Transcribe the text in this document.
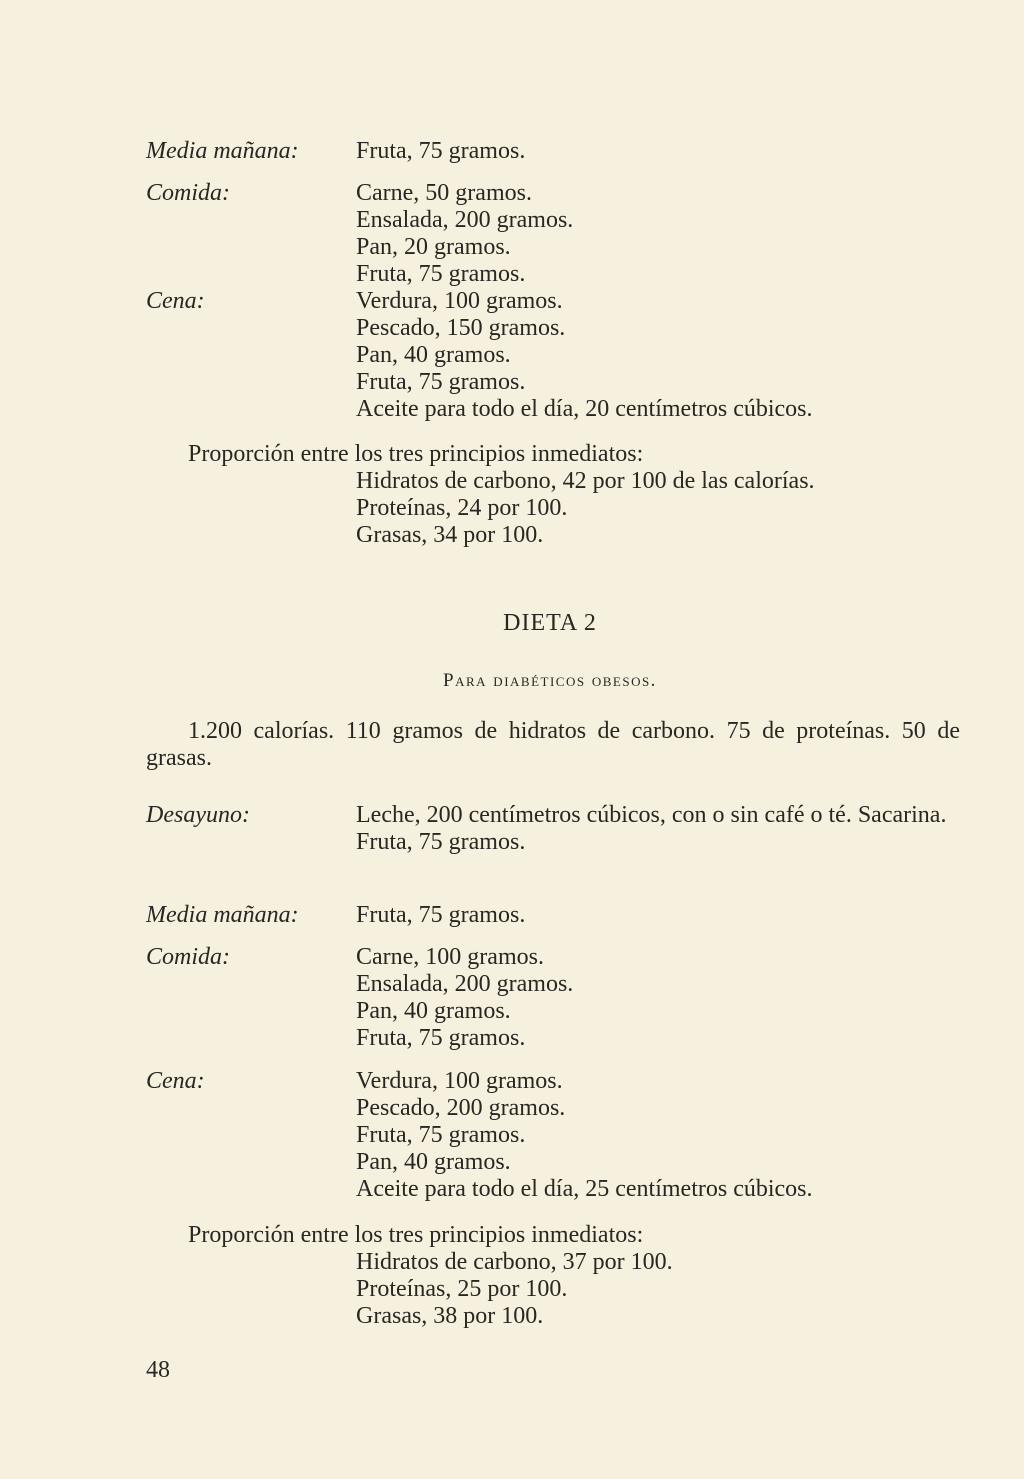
Media mañana: Fruta, 75 gramos.
Comida:	Carne, 50 gramos.
Ensalada, 200 gramos.
Pan, 20 gramos.
Fruta, 75 gramos.
Cena:	Verdura, 100 gramos.
Pescado, 150 gramos.
Pan, 40 gramos.
Fruta, 75 gramos.
Aceite para todo el día, 20 centímetros cúbicos.
Proporción entre los tres principios inmediatos:
Hidratos de carbono, 42 por 100 de las calorías.
Proteínas, 24 por 100.
Grasas, 34 por 100.
DIETA 2
Para diabéticos obesos.
1.200 calorías. 110 gramos de hidratos de carbono. 75 de proteínas. 50 de grasas.
Desayuno:	Leche, 200 centímetros cúbicos, con o sin café o té. Sacarina.
Fruta, 75 gramos.
Media mañana: Fruta, 75 gramos.
Comida:	Carne, 100 gramos.
Ensalada, 200 gramos.
Pan, 40 gramos.
Fruta, 75 gramos.
Cena:	Verdura, 100 gramos.
Pescado, 200 gramos.
Fruta, 75 gramos.
Pan, 40 gramos.
Aceite para todo el día, 25 centímetros cúbicos.
Proporción entre los tres principios inmediatos:
Hidratos de carbono, 37 por 100.
Proteínas, 25 por 100.
Grasas, 38 por 100.
48
